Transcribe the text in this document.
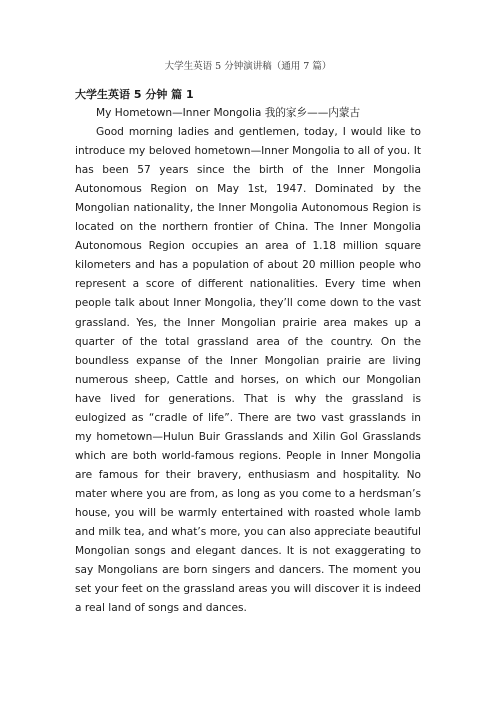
大学生英语 5 分钟演讲稿（通用 7 篇）

大学生英语 5 分钟 篇 1

My Hometown—Inner Mongolia 我的家乡——内蒙古

Good morning ladies and gentlemen, today, I would like to introduce my beloved hometown—Inner Mongolia to all of you. It has been 57 years since the birth of the Inner Mongolia Autonomous Region on May 1st, 1947. Dominated by the Mongolian nationality, the Inner Mongolia Autonomous Region is located on the northern frontier of China. The Inner Mongolia Autonomous Region occupies an area of 1.18 million square kilometers and has a population of about 20 million people who represent a score of different nationalities. Every time when people talk about Inner Mongolia, they’ll come down to the vast grassland. Yes, the Inner Mongolian prairie area makes up a quarter of the total grassland area of the country. On the boundless expanse of the Inner Mongolian prairie are living numerous sheep, Cattle and horses, on which our Mongolian have lived for generations. That is why the grassland is eulogized as “cradle of life”. There are two vast grasslands in my hometown—Hulun Buir Grasslands and Xilin Gol Grasslands which are both world-famous regions. People in Inner Mongolia are famous for their bravery, enthusiasm and hospitality. No mater where you are from, as long as you come to a herdsman’s house, you will be warmly entertained with roasted whole lamb and milk tea, and what’s more, you can also appreciate beautiful Mongolian songs and elegant dances. It is not exaggerating to say Mongolians are born singers and dancers. The moment you set your feet on the grassland areas you will discover it is indeed a real land of songs and dances.
